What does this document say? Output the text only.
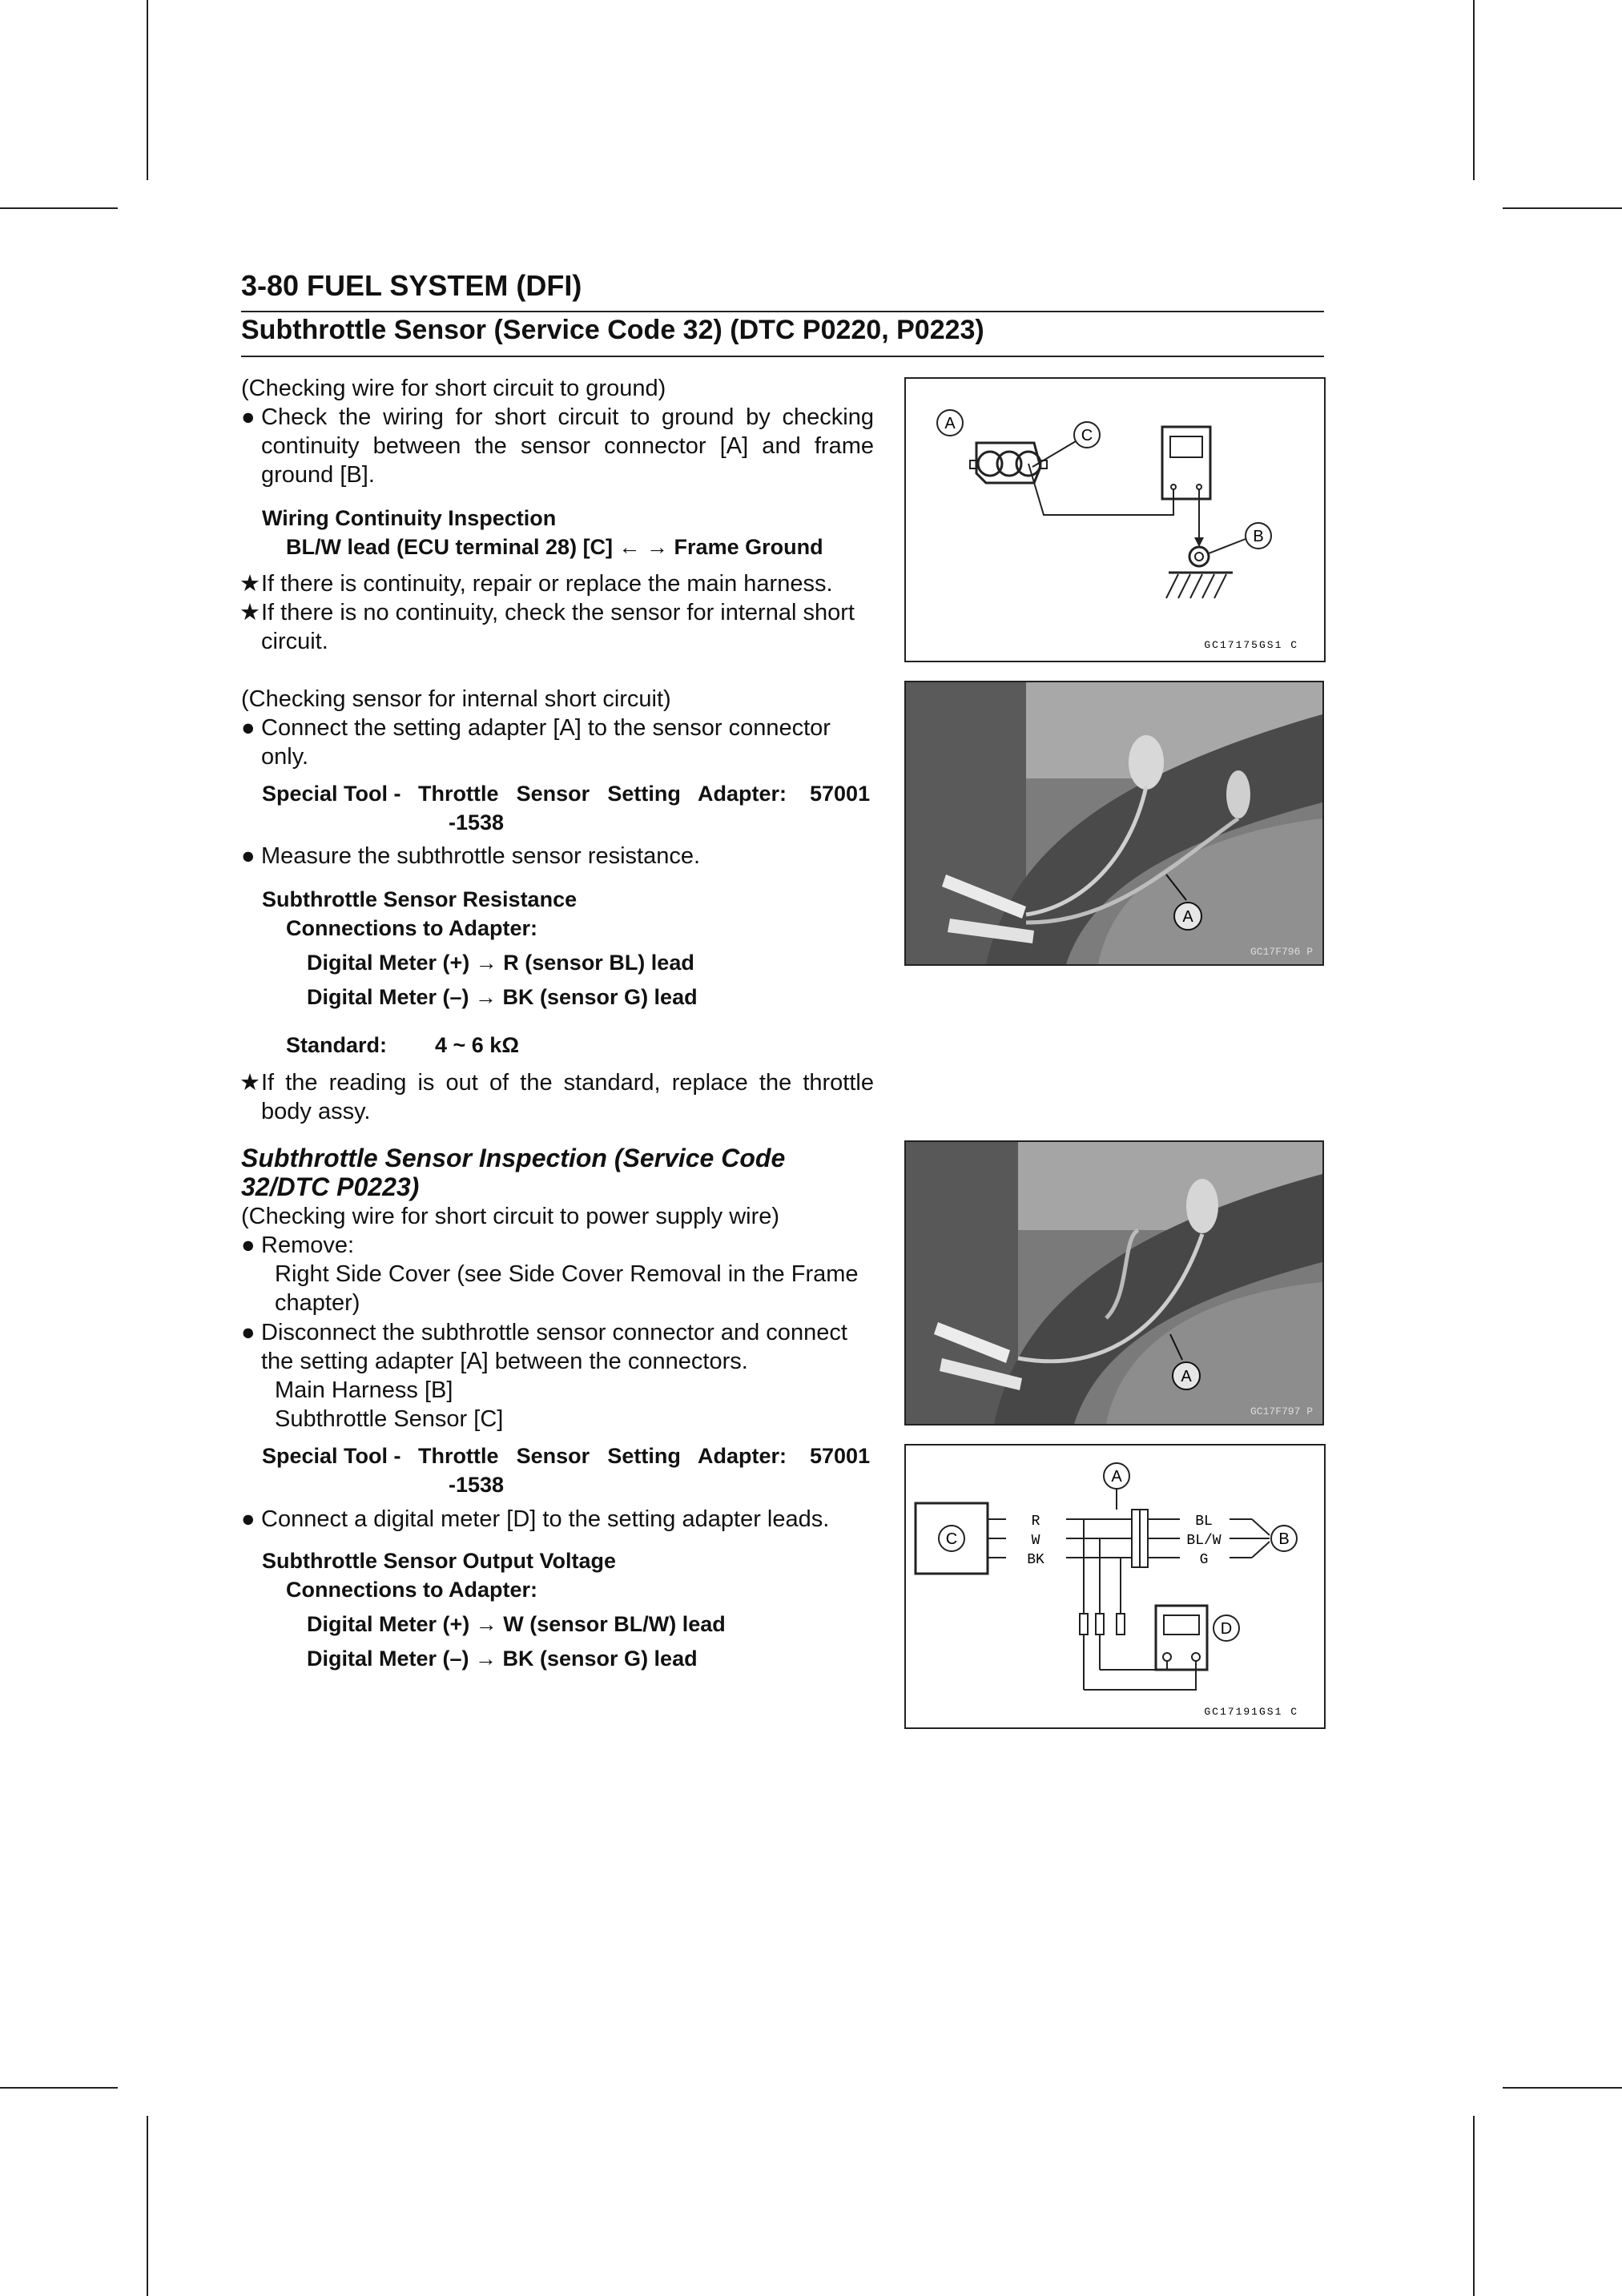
3-80 FUEL SYSTEM (DFI)
Subthrottle Sensor (Service Code 32) (DTC P0220, P0223)
(Checking wire for short circuit to ground)
● Check the wiring for short circuit to ground by checking continuity between the sensor connector [A] and frame ground [B].
Wiring Continuity Inspection
BL/W lead (ECU terminal 28) [C] ← → Frame Ground
★ If there is continuity, repair or replace the main harness.
★ If there is no continuity, check the sensor for internal short circuit.
(Checking sensor for internal short circuit)
● Connect the setting adapter [A] to the sensor connector only.
Special Tool - Throttle Sensor Setting Adapter: 57001
-1538
● Measure the subthrottle sensor resistance.
Subthrottle Sensor Resistance
Connections to Adapter:
Digital Meter (+) → R (sensor BL) lead
Digital Meter (–) → BK (sensor G) lead
Standard: 4 ~ 6 kΩ
★ If the reading is out of the standard, replace the throttle body assy.
Subthrottle Sensor Inspection (Service Code 32/DTC P0223)
(Checking wire for short circuit to power supply wire)
● Remove:
Right Side Cover (see Side Cover Removal in the Frame chapter)
● Disconnect the subthrottle sensor connector and connect the setting adapter [A] between the connectors.
Main Harness [B]
Subthrottle Sensor [C]
Special Tool - Throttle Sensor Setting Adapter: 57001
-1538
● Connect a digital meter [D] to the setting adapter leads.
Subthrottle Sensor Output Voltage
Connections to Adapter:
Digital Meter (+) → W (sensor BL/W) lead
Digital Meter (–) → BK (sensor G) lead
A
C
B
GC17175GS1 C
A
GC17F796 P
A
GC17F797 P
C
R
W
BK
BL
BL/W
G
B
A
D
GC17191GS1 C
